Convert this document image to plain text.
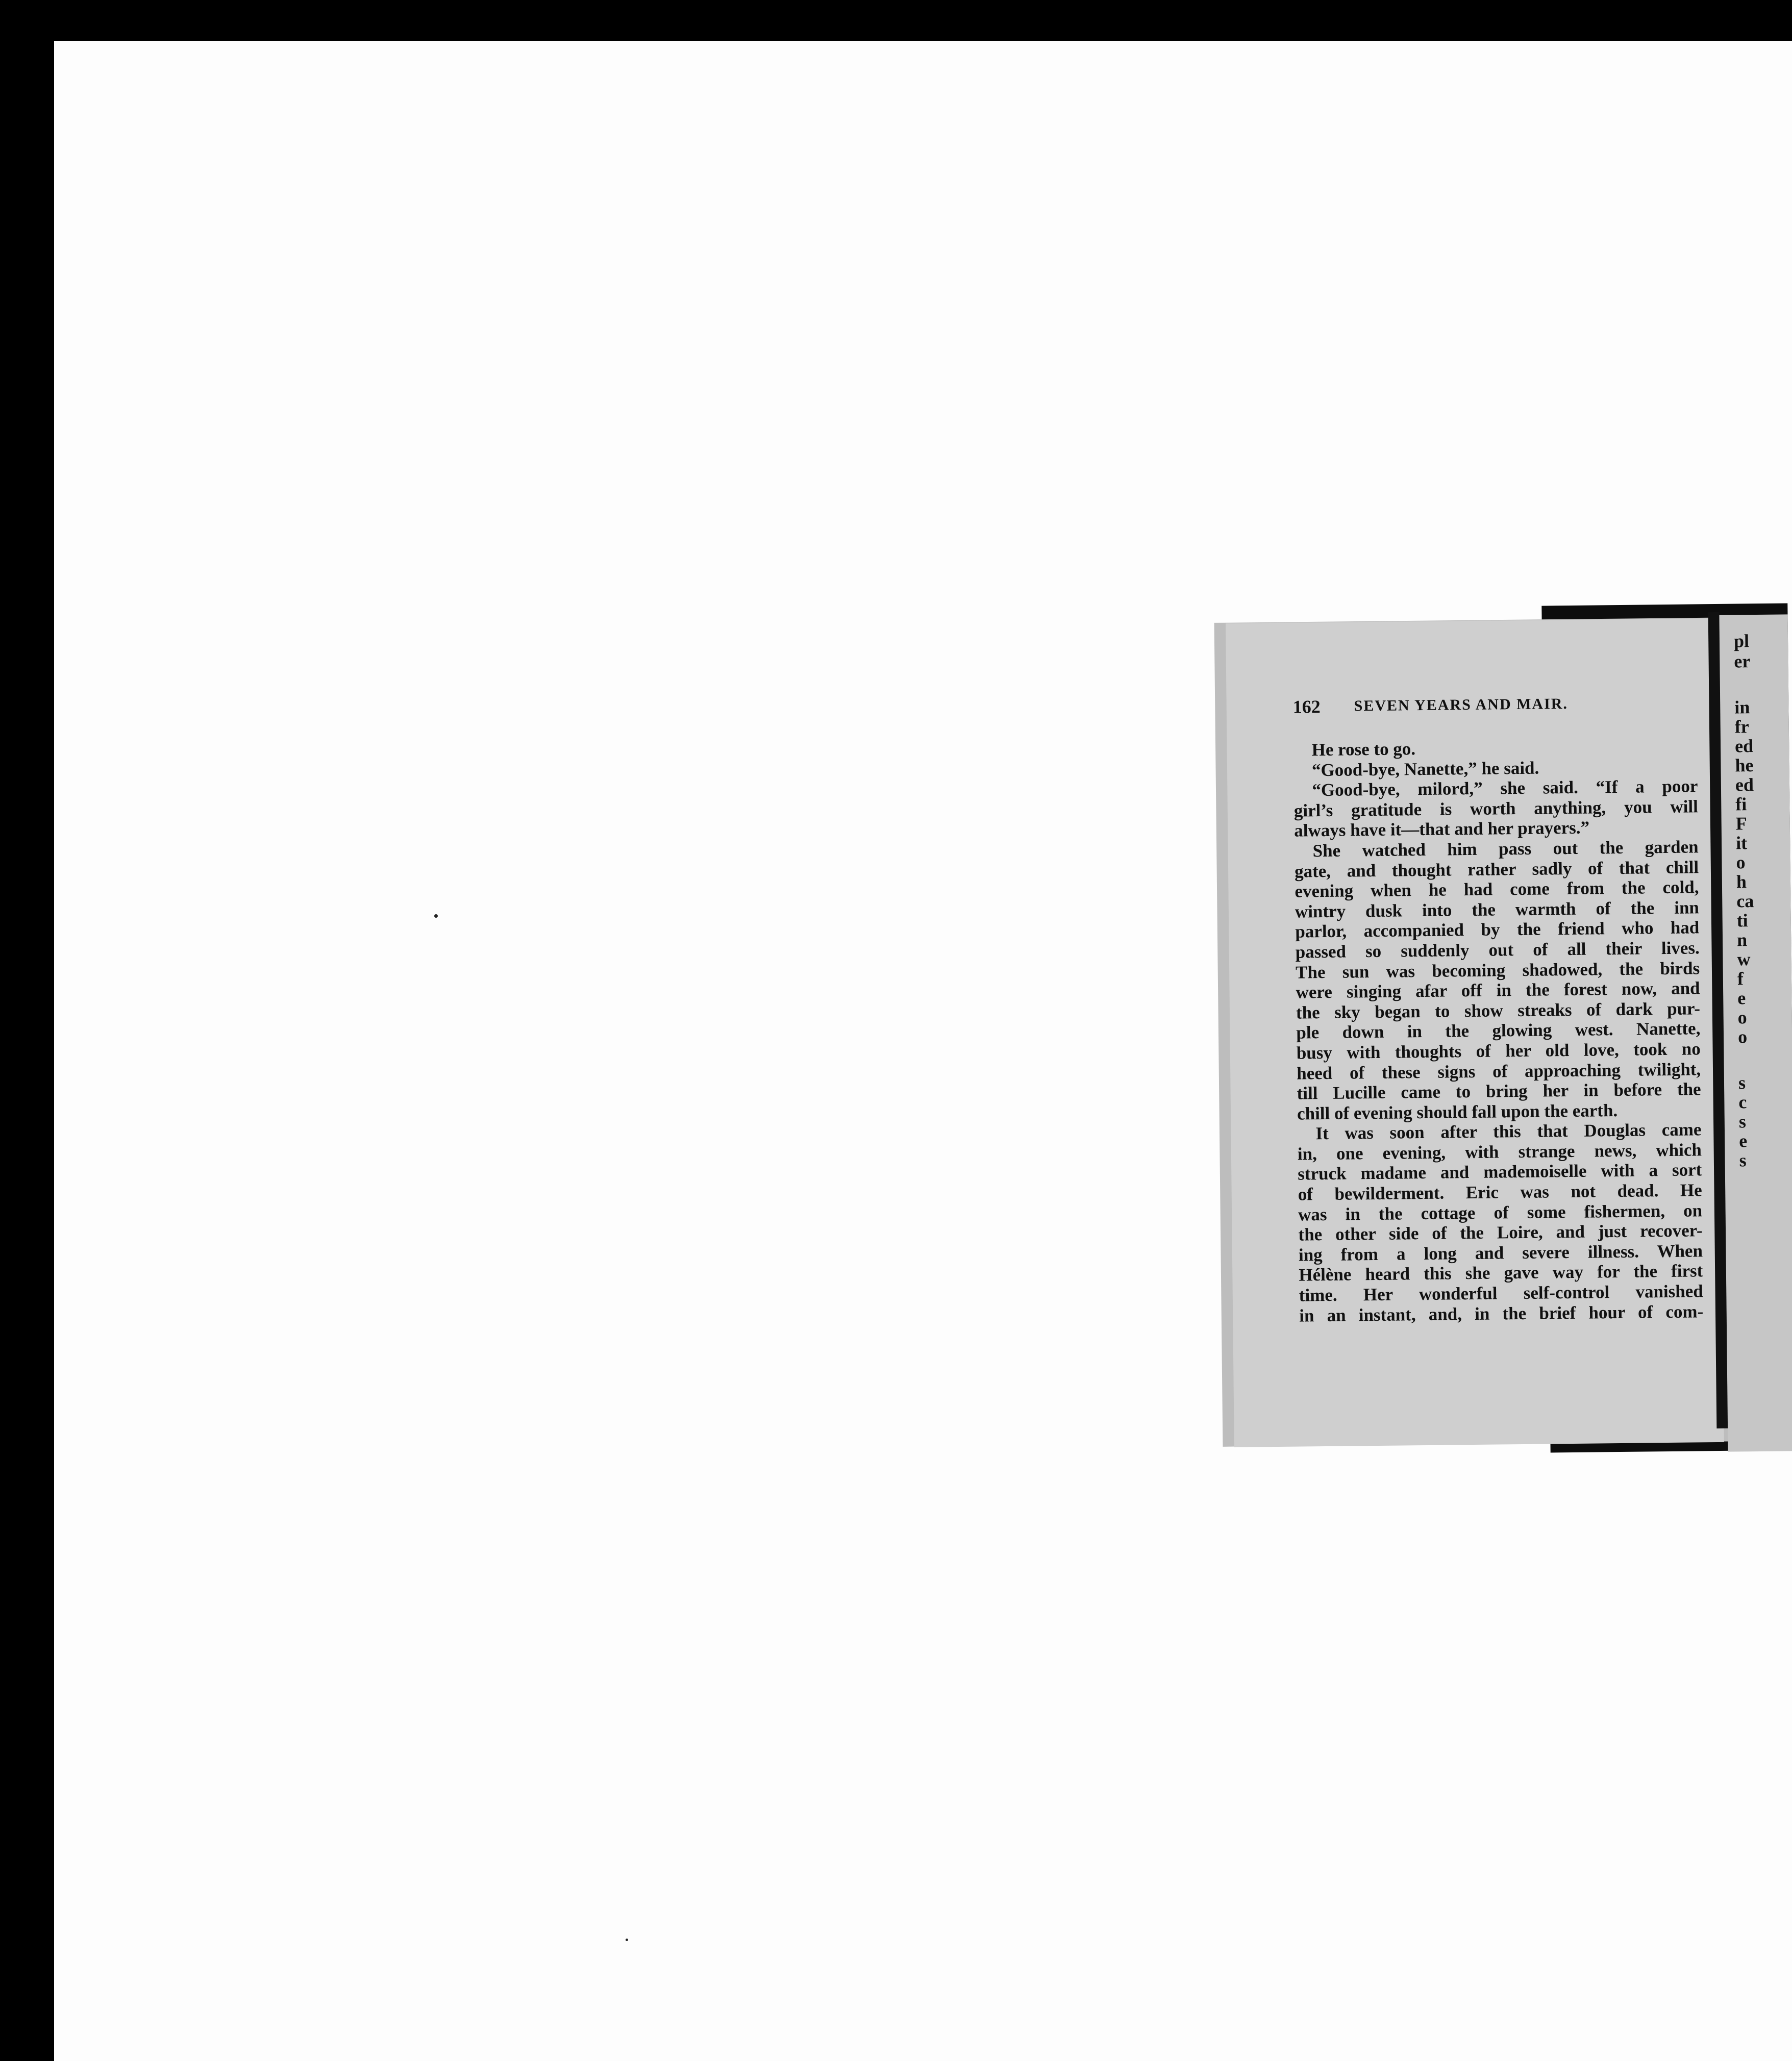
162 SEVEN YEARS AND MAIR.
He rose to go.
“Good-bye, Nanette,” he said.
“Good-bye, milord,” she said. “If a poor
girl’s gratitude is worth anything, you will
always have it—that and her prayers.”
She watched him pass out the garden
gate, and thought rather sadly of that chill
evening when he had come from the cold,
wintry dusk into the warmth of the inn
parlor, accompanied by the friend who had
passed so suddenly out of all their lives.
The sun was becoming shadowed, the birds
were singing afar off in the forest now, and
the sky began to show streaks of dark pur-
ple down in the glowing west. Nanette,
busy with thoughts of her old love, took no
heed of these signs of approaching twilight,
till Lucille came to bring her in before the
chill of evening should fall upon the earth.
It was soon after this that Douglas came
in, one evening, with strange news, which
struck madame and mademoiselle with a sort
of bewilderment. Eric was not dead. He
was in the cottage of some fishermen, on
the other side of the Loire, and just recover-
ing from a long and severe illness. When
Hélène heard this she gave way for the first
time. Her wonderful self-control vanished
in an instant, and, in the brief hour of com-
pl
er
in
fr
ed
he
ed
fi
F
it
o
h
ca
ti
n
w
f
e
o
o
s
c
s
e
s
